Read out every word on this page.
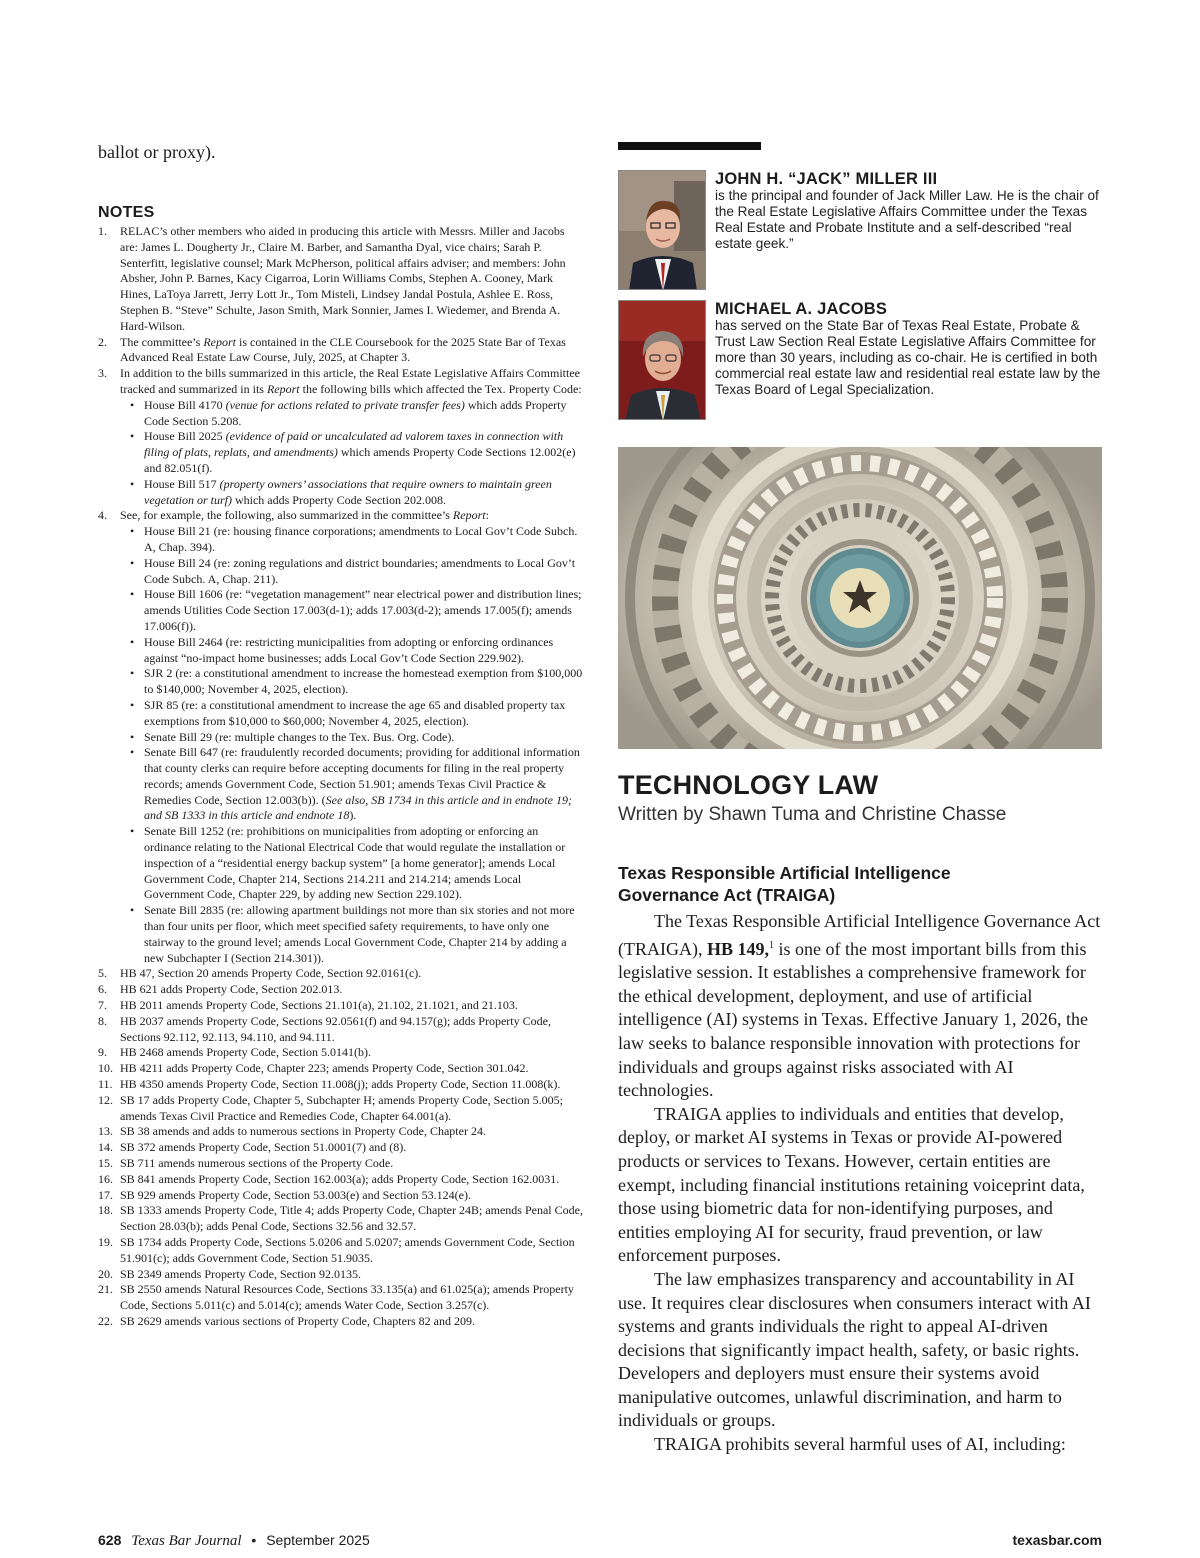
ballot or proxy).
NOTES
1. RELAC’s other members who aided in producing this article with Messrs. Miller and Jacobs are: James L. Dougherty Jr., Claire M. Barber, and Samantha Dyal, vice chairs; Sarah P. Senterfitt, legislative counsel; Mark McPherson, political affairs adviser; and members: John Absher, John P. Barnes, Kacy Cigarroa, Lorin Williams Combs, Stephen A. Cooney, Mark Hines, LaToya Jarrett, Jerry Lott Jr., Tom Misteli, Lindsey Jandal Postula, Ashlee E. Ross, Stephen B. “Steve” Schulte, Jason Smith, Mark Sonnier, James I. Wiedemer, and Brenda A. Hard-Wilson.
2. The committee’s Report is contained in the CLE Coursebook for the 2025 State Bar of Texas Advanced Real Estate Law Course, July, 2025, at Chapter 3.
3. In addition to the bills summarized in this article, the Real Estate Legislative Affairs Committee tracked and summarized in its Report the following bills which affected the Tex. Property Code:
• House Bill 4170 (venue for actions related to private transfer fees) which adds Property Code Section 5.208.
• House Bill 2025 (evidence of paid or uncalculated ad valorem taxes in connection with filing of plats, replats, and amendments) which amends Property Code Sections 12.002(e) and 82.051(f).
• House Bill 517 (property owners’ associations that require owners to maintain green vegetation or turf) which adds Property Code Section 202.008.
4. See, for example, the following, also summarized in the committee’s Report:
• House Bill 21 (re: housing finance corporations; amendments to Local Gov’t Code Subch. A, Chap. 394).
• House Bill 24 (re: zoning regulations and district boundaries; amendments to Local Gov’t Code Subch. A, Chap. 211).
• House Bill 1606 (re: “vegetation management” near electrical power and distribution lines; amends Utilities Code Section 17.003(d-1); adds 17.003(d-2); amends 17.005(f); amends 17.006(f)).
• House Bill 2464 (re: restricting municipalities from adopting or enforcing ordinances against “no-impact home businesses; adds Local Gov’t Code Section 229.902).
• SJR 2 (re: a constitutional amendment to increase the homestead exemption from $100,000 to $140,000; November 4, 2025, election).
• SJR 85 (re: a constitutional amendment to increase the age 65 and disabled property tax exemptions from $10,000 to $60,000; November 4, 2025, election).
• Senate Bill 29 (re: multiple changes to the Tex. Bus. Org. Code).
• Senate Bill 647 (re: fraudulently recorded documents; providing for additional information that county clerks can require before accepting documents for filing in the real property records; amends Government Code, Section 51.901; amends Texas Civil Practice & Remedies Code, Section 12.003(b)). (See also, SB 1734 in this article and in endnote 19; and SB 1333 in this article and endnote 18).
• Senate Bill 1252 (re: prohibitions on municipalities from adopting or enforcing an ordinance relating to the National Electrical Code that would regulate the installation or inspection of a “residential energy backup system” [a home generator]; amends Local Government Code, Chapter 214, Sections 214.211 and 214.214; amends Local Government Code, Chapter 229, by adding new Section 229.102).
• Senate Bill 2835 (re: allowing apartment buildings not more than six stories and not more than four units per floor, which meet specified safety requirements, to have only one stairway to the ground level; amends Local Government Code, Chapter 214 by adding a new Subchapter I (Section 214.301)).
5. HB 47, Section 20 amends Property Code, Section 92.0161(c).
6. HB 621 adds Property Code, Section 202.013.
7. HB 2011 amends Property Code, Sections 21.101(a), 21.102, 21.1021, and 21.103.
8. HB 2037 amends Property Code, Sections 92.0561(f) and 94.157(g); adds Property Code, Sections 92.112, 92.113, 94.110, and 94.111.
9. HB 2468 amends Property Code, Section 5.0141(b).
10. HB 4211 adds Property Code, Chapter 223; amends Property Code, Section 301.042.
11. HB 4350 amends Property Code, Section 11.008(j); adds Property Code, Section 11.008(k).
12. SB 17 adds Property Code, Chapter 5, Subchapter H; amends Property Code, Section 5.005; amends Texas Civil Practice and Remedies Code, Chapter 64.001(a).
13. SB 38 amends and adds to numerous sections in Property Code, Chapter 24.
14. SB 372 amends Property Code, Section 51.0001(7) and (8).
15. SB 711 amends numerous sections of the Property Code.
16. SB 841 amends Property Code, Section 162.003(a); adds Property Code, Section 162.0031.
17. SB 929 amends Property Code, Section 53.003(e) and Section 53.124(e).
18. SB 1333 amends Property Code, Title 4; adds Property Code, Chapter 24B; amends Penal Code, Section 28.03(b); adds Penal Code, Sections 32.56 and 32.57.
19. SB 1734 adds Property Code, Sections 5.0206 and 5.0207; amends Government Code, Section 51.901(c); adds Government Code, Section 51.9035.
20. SB 2349 amends Property Code, Section 92.0135.
21. SB 2550 amends Natural Resources Code, Sections 33.135(a) and 61.025(a); amends Property Code, Sections 5.011(c) and 5.014(c); amends Water Code, Section 3.257(c).
22. SB 2629 amends various sections of Property Code, Chapters 82 and 209.
JOHN H. “JACK” MILLER III
is the principal and founder of Jack Miller Law. He is the chair of the Real Estate Legislative Affairs Committee under the Texas Real Estate and Probate Institute and a self-described “real estate geek.”
MICHAEL A. JACOBS
has served on the State Bar of Texas Real Estate, Probate & Trust Law Section Real Estate Legislative Affairs Committee for more than 30 years, including as co-chair. He is certified in both commercial real estate law and residential real estate law by the Texas Board of Legal Specialization.
TECHNOLOGY LAW
Written by Shawn Tuma and Christine Chasse
Texas Responsible Artificial Intelligence Governance Act (TRAIGA)

The Texas Responsible Artificial Intelligence Governance Act (TRAIGA), HB 149,$^1$ is one of the most important bills from this legislative session. It establishes a comprehensive framework for the ethical development, deployment, and use of artificial intelligence (AI) systems in Texas. Effective January 1, 2026, the law seeks to balance responsible innovation with protections for individuals and groups against risks associated with AI technologies.

TRAIGA applies to individuals and entities that develop, deploy, or market AI systems in Texas or provide AI-powered products or services to Texans. However, certain entities are exempt, including financial institutions retaining voiceprint data, those using biometric data for non-identifying purposes, and entities employing AI for security, fraud prevention, or law enforcement purposes.

The law emphasizes transparency and accountability in AI use. It requires clear disclosures when consumers interact with AI systems and grants individuals the right to appeal AI-driven decisions that significantly impact health, safety, or basic rights. Developers and deployers must ensure their systems avoid manipulative outcomes, unlawful discrimination, and harm to individuals or groups.

TRAIGA prohibits several harmful uses of AI, including:

628 Texas Bar Journal • September 2025	texasbar.com
